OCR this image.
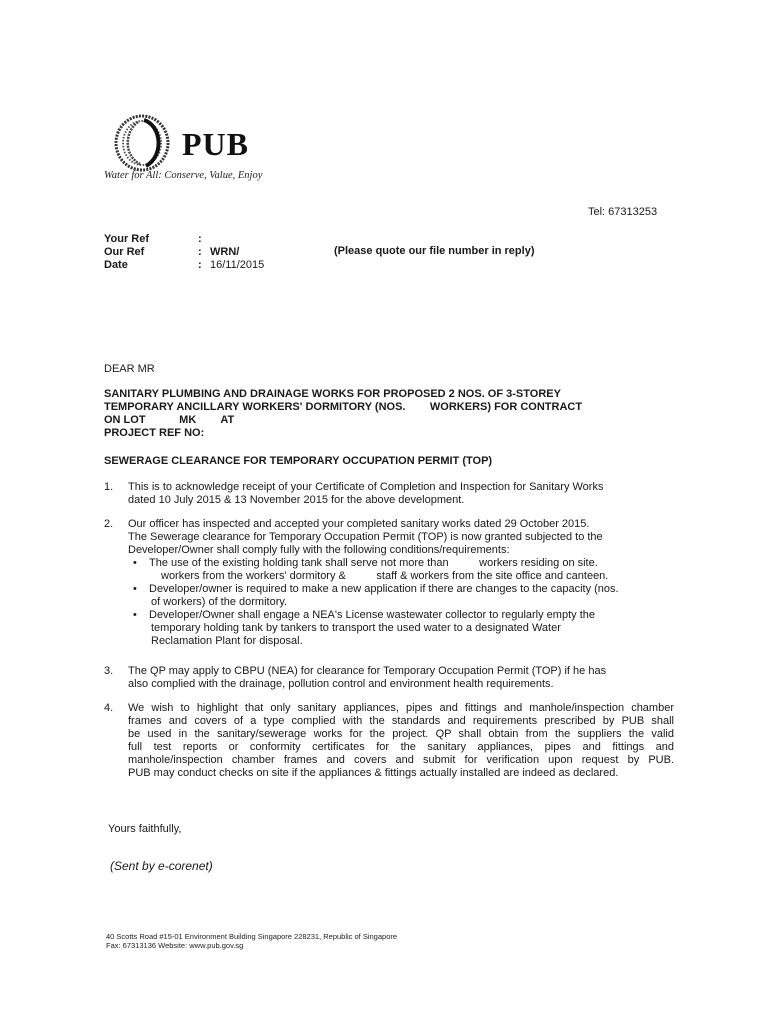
PUB
Water for All: Conserve, Value, Enjoy
Tel: 67313253
Your Ref	:
Our Ref	: WRN/
Date	: 16/11/2015
(Please quote our file number in reply)
DEAR MR
SANITARY PLUMBING AND DRAINAGE WORKS FOR PROPOSED 2 NOS. OF 3-STOREY
TEMPORARY ANCILLARY WORKERS' DORMITORY (NOS.        WORKERS) FOR CONTRACT
ON LOT           MK        AT
PROJECT REF NO:
SEWERAGE CLEARANCE FOR TEMPORARY OCCUPATION PERMIT (TOP)
1.	This is to acknowledge receipt of your Certificate of Completion and Inspection for Sanitary Works
dated 10 July 2015 & 13 November 2015 for the above development.
2.	Our officer has inspected and accepted your completed sanitary works dated 29 October 2015.
The Sewerage clearance for Temporary Occupation Permit (TOP) is now granted subjected to the
Developer/Owner shall comply fully with the following conditions/requirements:
• The use of the existing holding tank shall serve not more than          workers residing on site.
workers from the workers' dormitory &          staff & workers from the site office and canteen.
• Developer/owner is required to make a new application if there are changes to the capacity (nos.
of workers) of the dormitory.
• Developer/Owner shall engage a NEA's License wastewater collector to regularly empty the
temporary holding tank by tankers to transport the used water to a designated Water
Reclamation Plant for disposal.
3.	The QP may apply to CBPU (NEA) for clearance for Temporary Occupation Permit (TOP) if he has
also complied with the drainage, pollution control and environment health requirements.
4.	We wish to highlight that only sanitary appliances, pipes and fittings and manhole/inspection chamber
frames and covers of a type complied with the standards and requirements prescribed by PUB shall
be used in the sanitary/sewerage works for the project. QP shall obtain from the suppliers the valid
full test reports or conformity certificates for the sanitary appliances, pipes and fittings and
manhole/inspection chamber frames and covers and submit for verification upon request by PUB.
PUB may conduct checks on site if the appliances & fittings actually installed are indeed as declared.
Yours faithfully,
(Sent by e-corenet)
40 Scotts Road #15-01 Environment Building Singapore 228231, Republic of Singapore
Fax: 67313136 Website: www.pub.gov.sg
